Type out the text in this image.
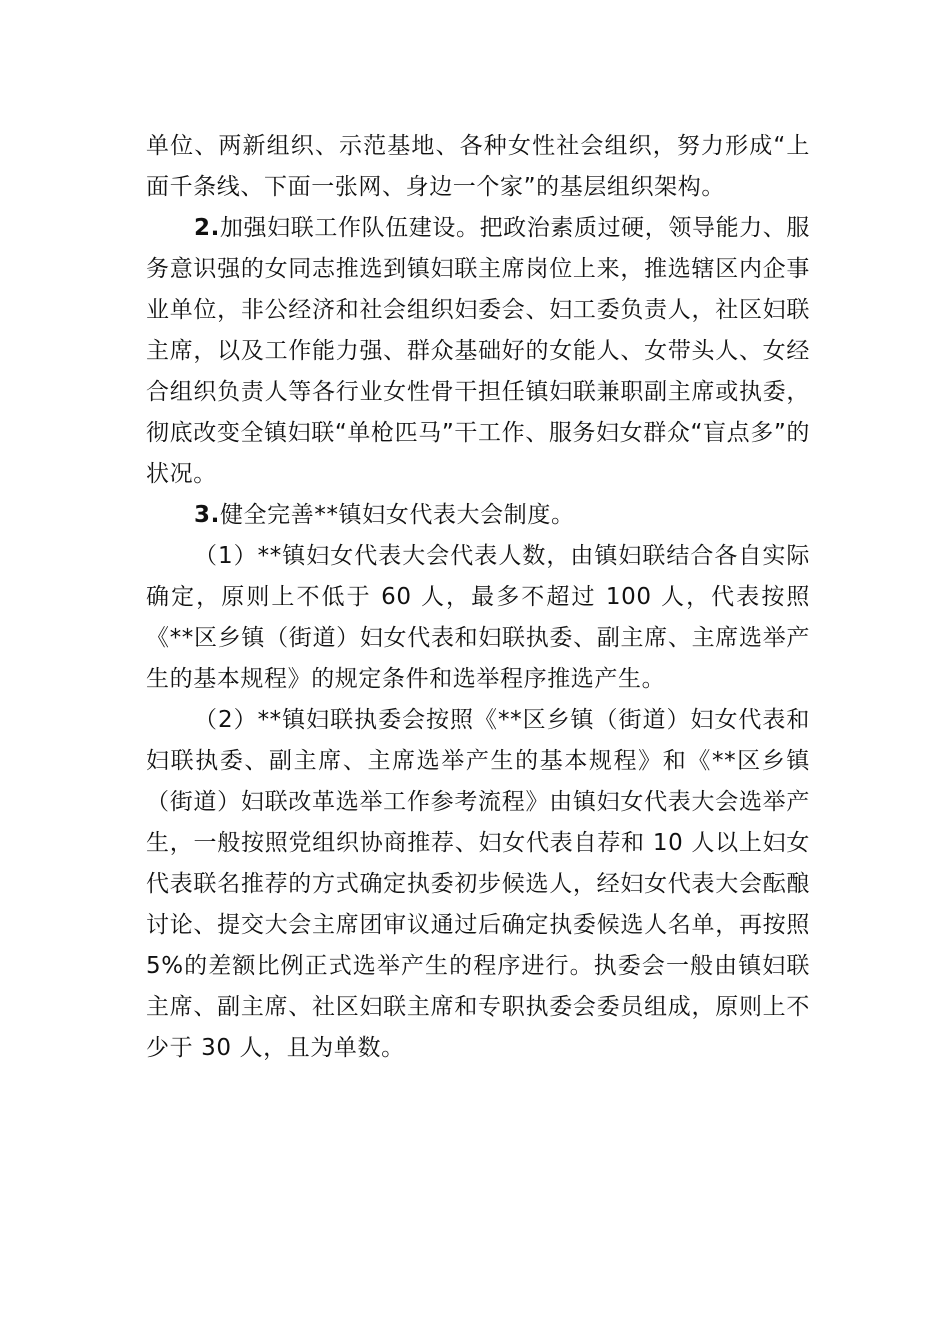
单位、两新组织、示范基地、各种女性社会组织，努力形成“上面千条线、下面一张网、身边一个家”的基层组织架构。

2.加强妇联工作队伍建设。把政治素质过硬，领导能力、服务意识强的女同志推选到镇妇联主席岗位上来，推选辖区内企事业单位，非公经济和社会组织妇委会、妇工委负责人，社区妇联主席，以及工作能力强、群众基础好的女能人、女带头人、女经合组织负责人等各行业女性骨干担任镇妇联兼职副主席或执委，彻底改变全镇妇联“单枪匹马”干工作、服务妇女群众“盲点多”的状况。

3.健全完善**镇妇女代表大会制度。

（1）**镇妇女代表大会代表人数，由镇妇联结合各自实际确定，原则上不低于 60 人，最多不超过 100 人，代表按照《**区乡镇（街道）妇女代表和妇联执委、副主席、主席选举产生的基本规程》的规定条件和选举程序推选产生。

（2）**镇妇联执委会按照《**区乡镇（街道）妇女代表和妇联执委、副主席、主席选举产生的基本规程》和《**区乡镇（街道）妇联改革选举工作参考流程》由镇妇女代表大会选举产生，一般按照党组织协商推荐、妇女代表自荐和 10 人以上妇女代表联名推荐的方式确定执委初步候选人，经妇女代表大会酝酿讨论、提交大会主席团审议通过后确定执委候选人名单，再按照 5%的差额比例正式选举产生的程序进行。执委会一般由镇妇联主席、副主席、社区妇联主席和专职执委会委员组成，原则上不少于 30 人，且为单数。
